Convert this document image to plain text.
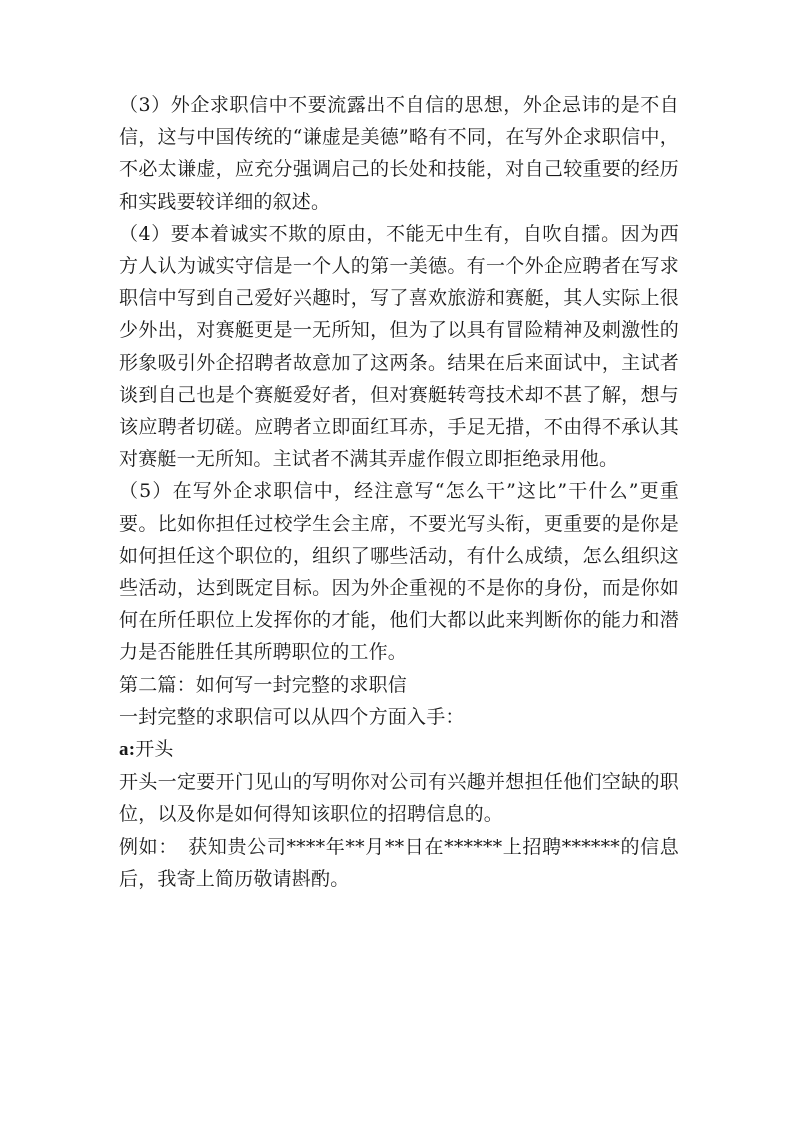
（3）外企求职信中不要流露出不自信的思想，外企忌讳的是不自信，这与中国传统的“谦虚是美德”略有不同，在写外企求职信中，不必太谦虚，应充分强调启己的长处和技能，对自己较重要的经历和实践要较详细的叙述。

（4）要本着诚实不欺的原由，不能无中生有，自吹自擂。因为西方人认为诚实守信是一个人的第一美德。有一个外企应聘者在写求职信中写到自己爱好兴趣时，写了喜欢旅游和赛艇，其人实际上很少外出，对赛艇更是一无所知，但为了以具有冒险精神及刺激性的形象吸引外企招聘者故意加了这两条。结果在后来面试中，主试者谈到自己也是个赛艇爱好者，但对赛艇转弯技术却不甚了解，想与该应聘者切磋。应聘者立即面红耳赤，手足无措，不由得不承认其对赛艇一无所知。主试者不满其弄虚作假立即拒绝录用他。

（5）在写外企求职信中，经注意写“怎么干”这比”干什么”更重要。比如你担任过校学生会主席，不要光写头衔，更重要的是你是如何担任这个职位的，组织了哪些活动，有什么成绩，怎么组织这些活动，达到既定目标。因为外企重视的不是你的身份，而是你如何在所任职位上发挥你的才能，他们大都以此来判断你的能力和潜力是否能胜任其所聘职位的工作。

第二篇：如何写一封完整的求职信

一封完整的求职信可以从四个方面入手：

a:开头

开头一定要开门见山的写明你对公司有兴趣并想担任他们空缺的职位，以及你是如何得知该职位的招聘信息的。

例如：　获知贵公司****年**月**日在******上招聘******的信息后，我寄上简历敬请斟酌。
